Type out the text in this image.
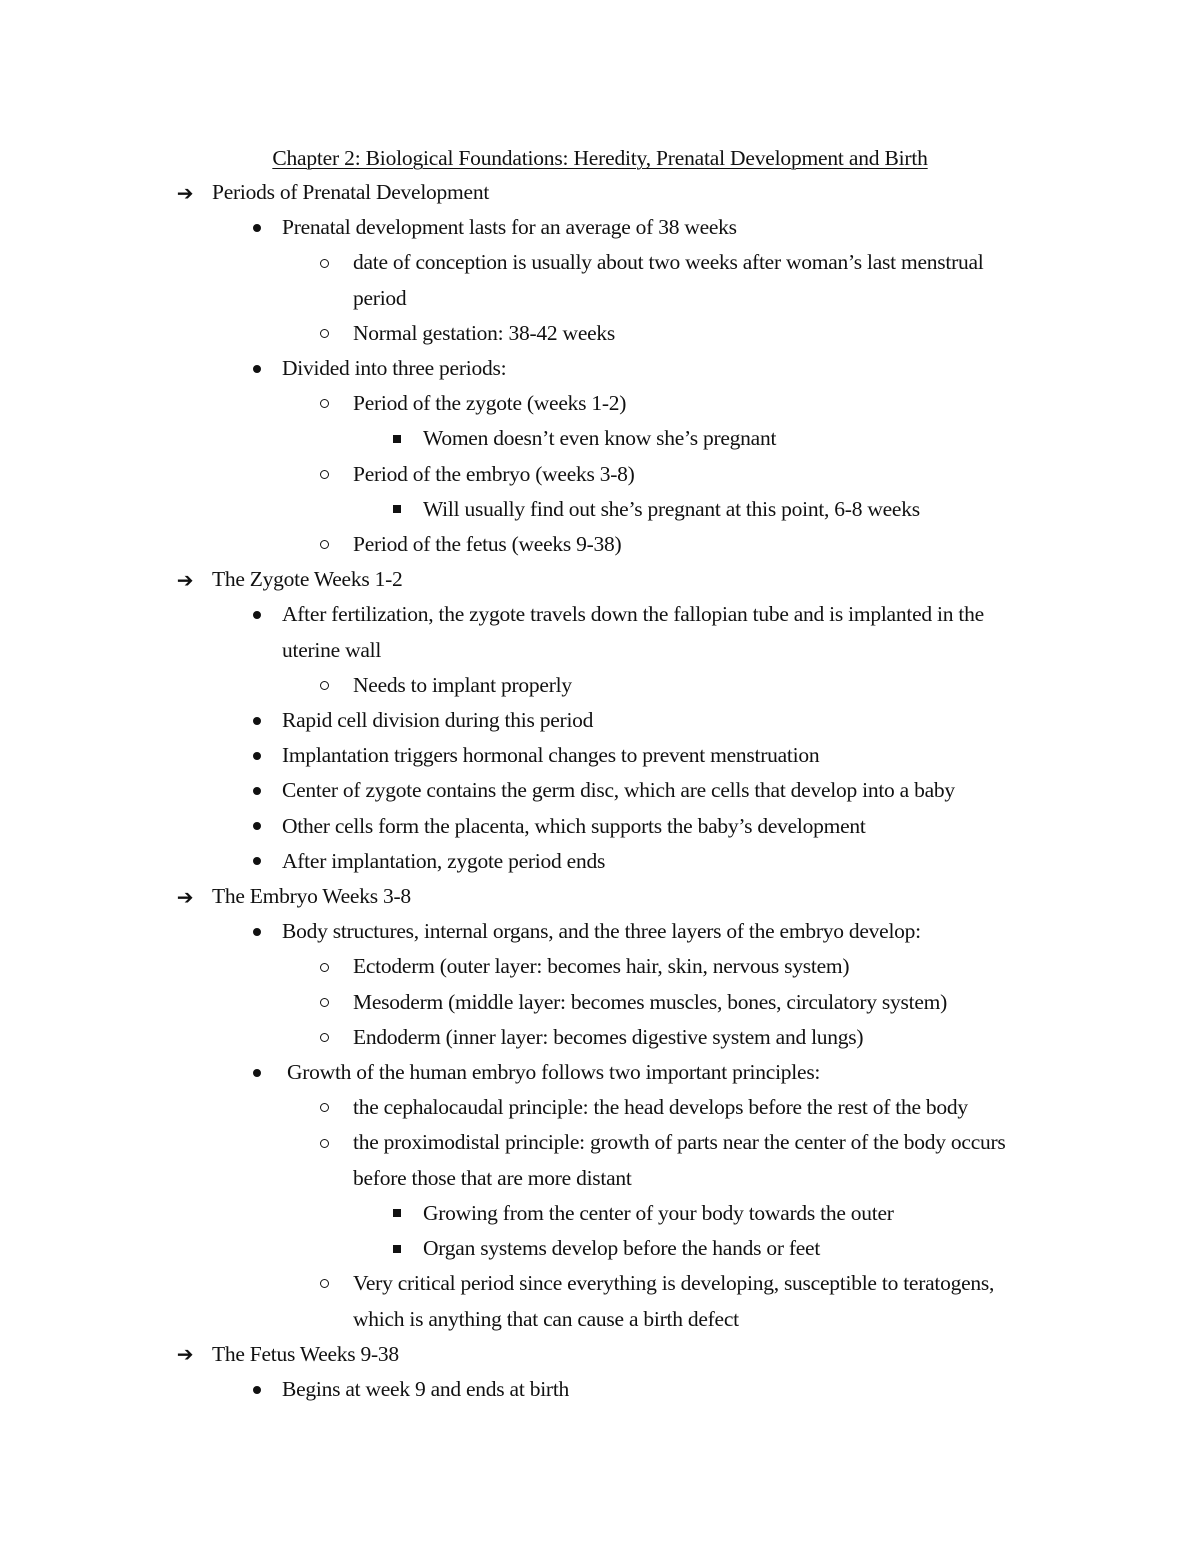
Chapter 2: Biological Foundations: Heredity, Prenatal Development and Birth
➔ Periods of Prenatal Development
Prenatal development lasts for an average of 38 weeks
date of conception is usually about two weeks after woman’s last menstrual
period
Normal gestation: 38-42 weeks
Divided into three periods:
Period of the zygote (weeks 1-2)
Women doesn’t even know she’s pregnant
Period of the embryo (weeks 3-8)
Will usually find out she’s pregnant at this point, 6-8 weeks
Period of the fetus (weeks 9-38)
➔ The Zygote Weeks 1-2
After fertilization, the zygote travels down the fallopian tube and is implanted in the
uterine wall
Needs to implant properly
Rapid cell division during this period
Implantation triggers hormonal changes to prevent menstruation
Center of zygote contains the germ disc, which are cells that develop into a baby
Other cells form the placenta, which supports the baby’s development
After implantation, zygote period ends
➔ The Embryo Weeks 3-8
Body structures, internal organs, and the three layers of the embryo develop:
Ectoderm (outer layer: becomes hair, skin, nervous system)
Mesoderm (middle layer: becomes muscles, bones, circulatory system)
Endoderm (inner layer: becomes digestive system and lungs)
Growth of the human embryo follows two important principles:
the cephalocaudal principle: the head develops before the rest of the body
the proximodistal principle: growth of parts near the center of the body occurs
before those that are more distant
Growing from the center of your body towards the outer
Organ systems develop before the hands or feet
Very critical period since everything is developing, susceptible to teratogens,
which is anything that can cause a birth defect
➔ The Fetus Weeks 9-38
Begins at week 9 and ends at birth
